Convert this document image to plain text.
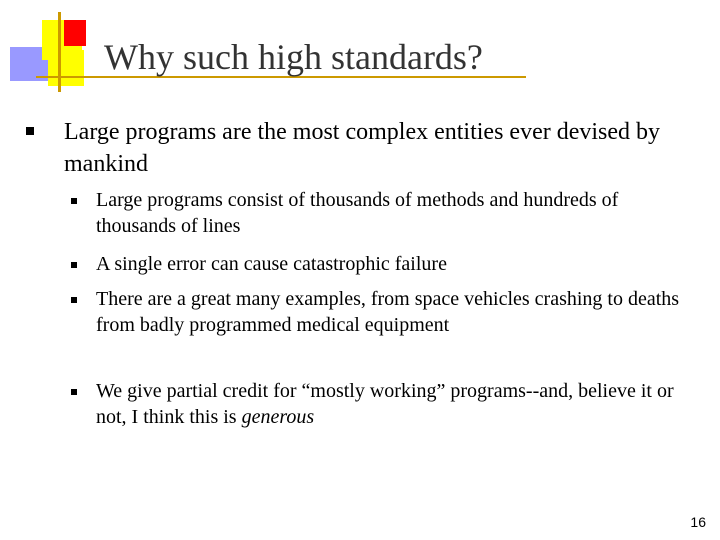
Why such high standards?
Large programs are the most complex entities ever devised by mankind
Large programs consist of thousands of methods and hundreds of thousands of lines
A single error can cause catastrophic failure
There are a great many examples, from space vehicles crashing to deaths from badly programmed medical equipment
We give partial credit for “mostly working” programs--and, believe it or not, I think this is generous
16
